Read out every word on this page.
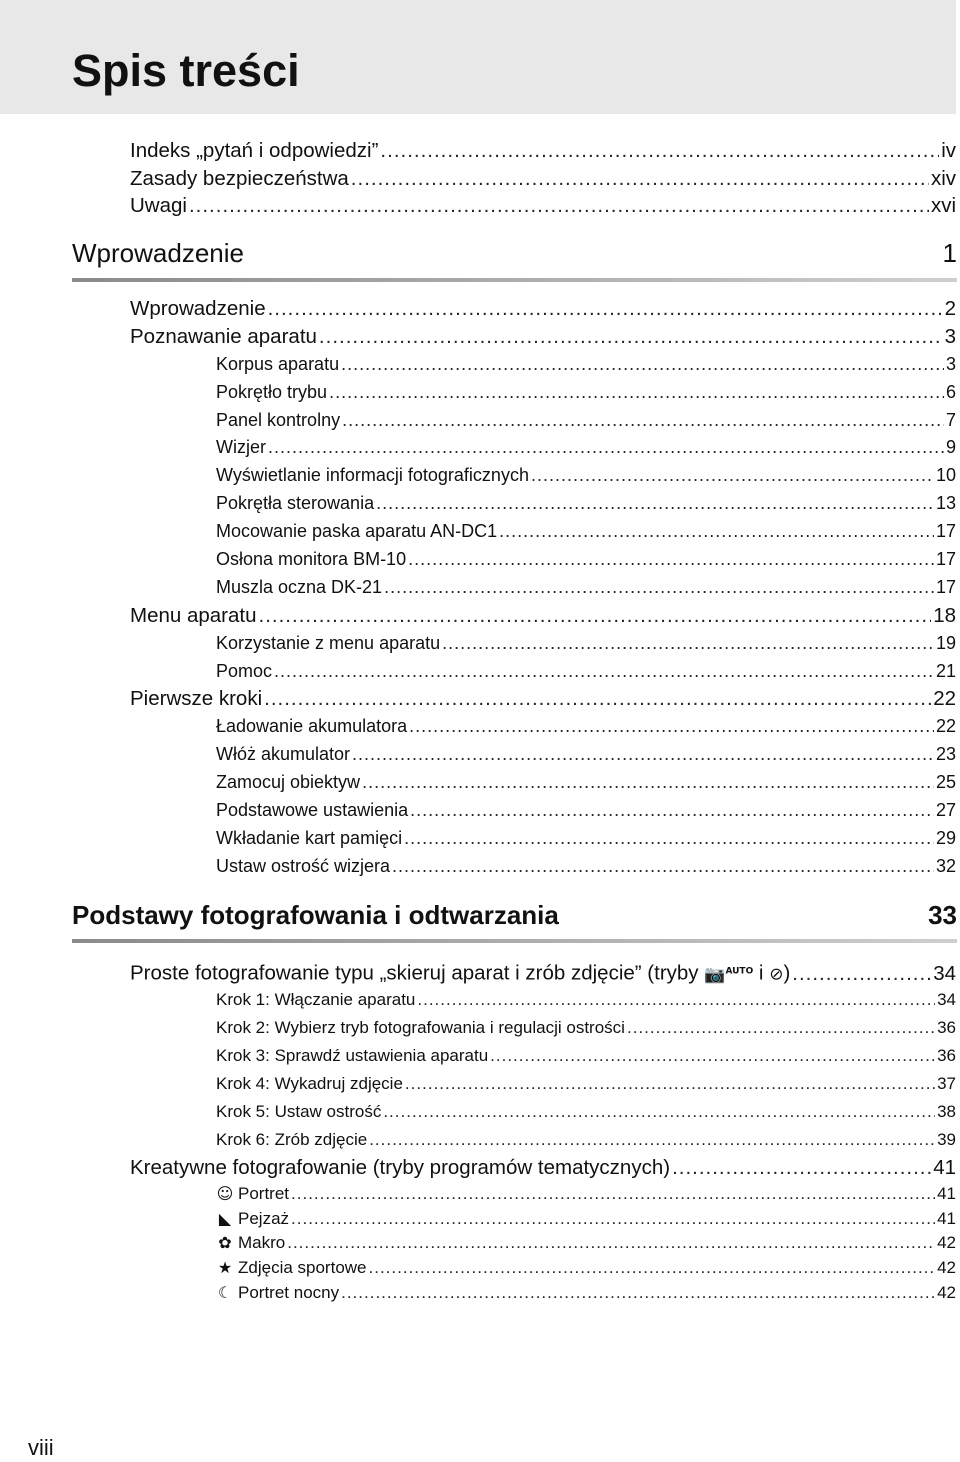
Spis treści
Indeks „pytań i odpowiedzi” .....	iv
Zasady bezpieczeństwa .....	xiv
Uwagi .....	xvi
Wprowadzenie	1
Wprowadzenie .....	2
Poznawanie aparatu .....	3
Korpus aparatu .....	3
Pokrętło trybu .....	6
Panel kontrolny .....	7
Wizjer .....	9
Wyświetlanie informacji fotograficznych .....	10
Pokrętła sterowania .....	13
Mocowanie paska aparatu AN-DC1 .....	17
Osłona monitora BM-10 .....	17
Muszla oczna DK-21 .....	17
Menu aparatu .....	18
Korzystanie z menu aparatu .....	19
Pomoc .....	21
Pierwsze kroki .....	22
Ładowanie akumulatora .....	22
Włóż akumulator .....	23
Zamocuj obiektyw .....	25
Podstawowe ustawienia .....	27
Wkładanie kart pamięci .....	29
Ustaw ostrość wizjera .....	32
Podstawy fotografowania i odtwarzania	33
Proste fotografowanie typu „skieruj aparat i zrób zdjęcie” (tryby 📷$^{AUTO}$ i ⊘) .....	34
Krok 1: Włączanie aparatu .....	34
Krok 2: Wybierz tryb fotografowania i regulacji ostrości .....	36
Krok 3: Sprawdź ustawienia aparatu .....	36
Krok 4: Wykadruj zdjęcie .....	37
Krok 5: Ustaw ostrość .....	38
Krok 6: Zrób zdjęcie .....	39
Kreatywne fotografowanie (tryby programów tematycznych) .....	41
☺ Portret .....	41
◣ Pejzaż .....	41
✿ Makro .....	42
★ Zdjęcia sportowe .....	42
☾ Portret nocny .....	42
viii
